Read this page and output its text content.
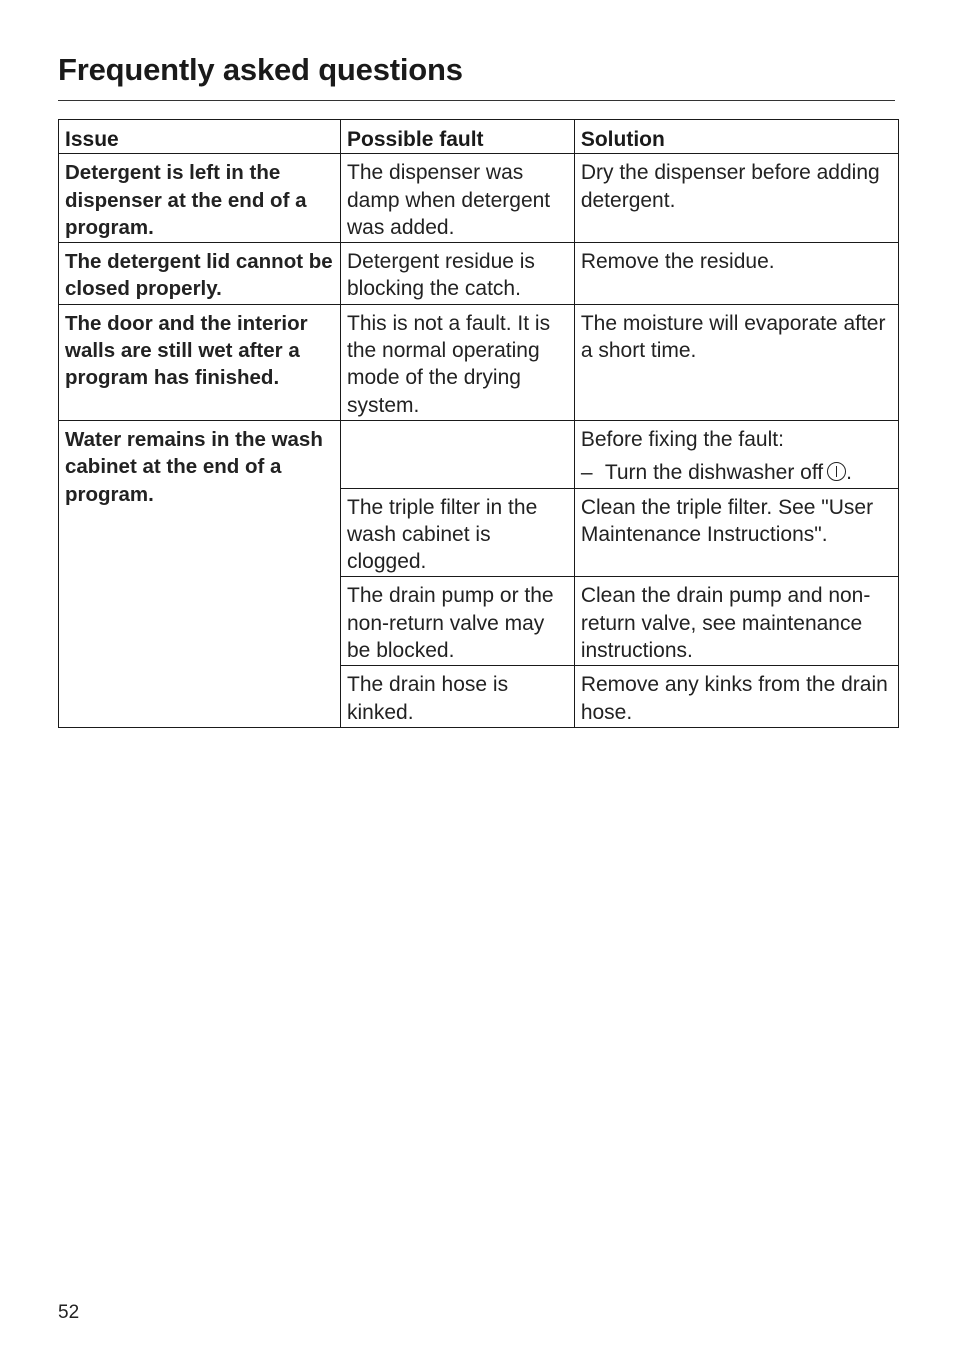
Frequently asked questions
Issue	Possible fault	Solution
Detergent is left in the dispenser at the end of a program.	The dispenser was damp when detergent was added.	Dry the dispenser before adding detergent.
The detergent lid cannot be closed properly.	Detergent residue is blocking the catch.	Remove the residue.
The door and the interior walls are still wet after a program has finished.	This is not a fault. It is the normal operating mode of the drying system.	The moisture will evaporate after a short time.
Water remains in the wash cabinet at the end of a program.		Before fixing the fault:
– Turn the dishwasher off .

	The triple filter in the wash cabinet is clogged.	Clean the triple filter. See "User Maintenance Instructions".
	The drain pump or the non-return valve may be blocked.	Clean the drain pump and non-return valve, see maintenance instructions.
	The drain hose is kinked.	Remove any kinks from the drain hose.
52
